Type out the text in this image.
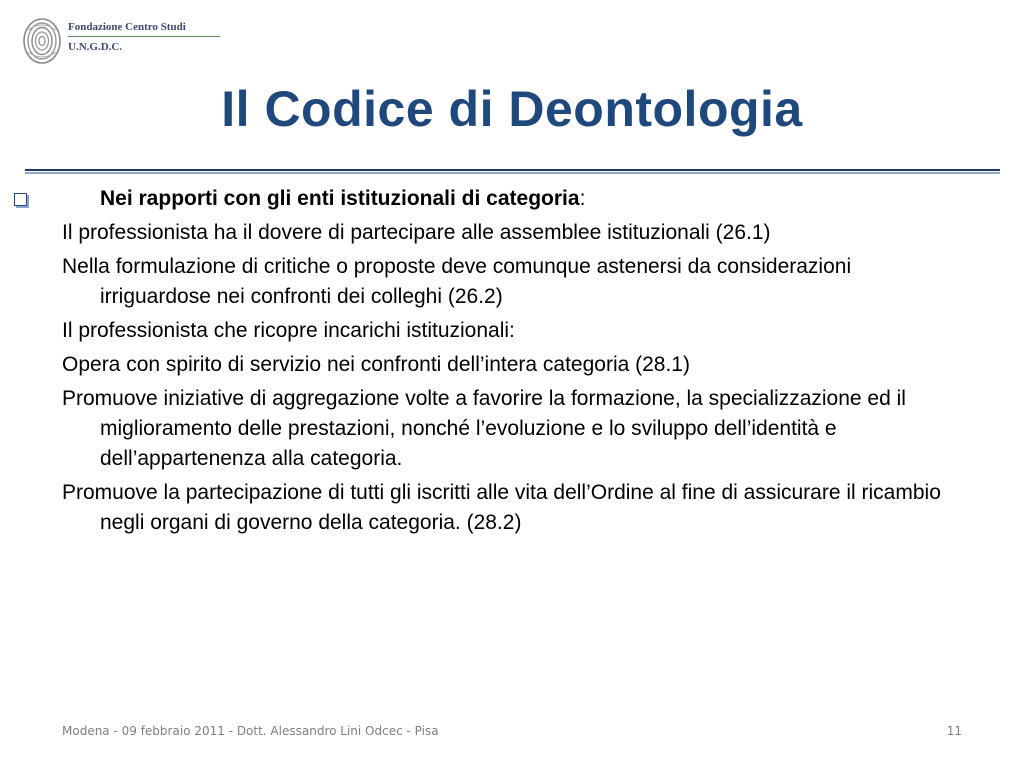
Fondazione Centro Studi
U.N.G.D.C.
Il Codice di Deontologia
Nei rapporti con gli enti istituzionali di categoria:

Il professionista ha il dovere di partecipare alle assemblee istituzionali (26.1)

Nella formulazione di critiche o proposte deve comunque astenersi da considerazioni irriguardose nei confronti dei colleghi (26.2)

Il professionista che ricopre incarichi istituzionali:

Opera con spirito di servizio nei confronti dell’intera categoria (28.1)

Promuove iniziative di aggregazione volte a favorire la formazione, la specializzazione ed il miglioramento delle prestazioni, nonché l’evoluzione e lo sviluppo dell’identità e dell’appartenenza alla categoria.

Promuove la partecipazione di tutti gli iscritti alle vita dell’Ordine al fine di assicurare il ricambio negli organi di governo della categoria. (28.2)

Modena - 09 febbraio 2011 - Dott. Alessandro Lini Odcec - Pisa	11
